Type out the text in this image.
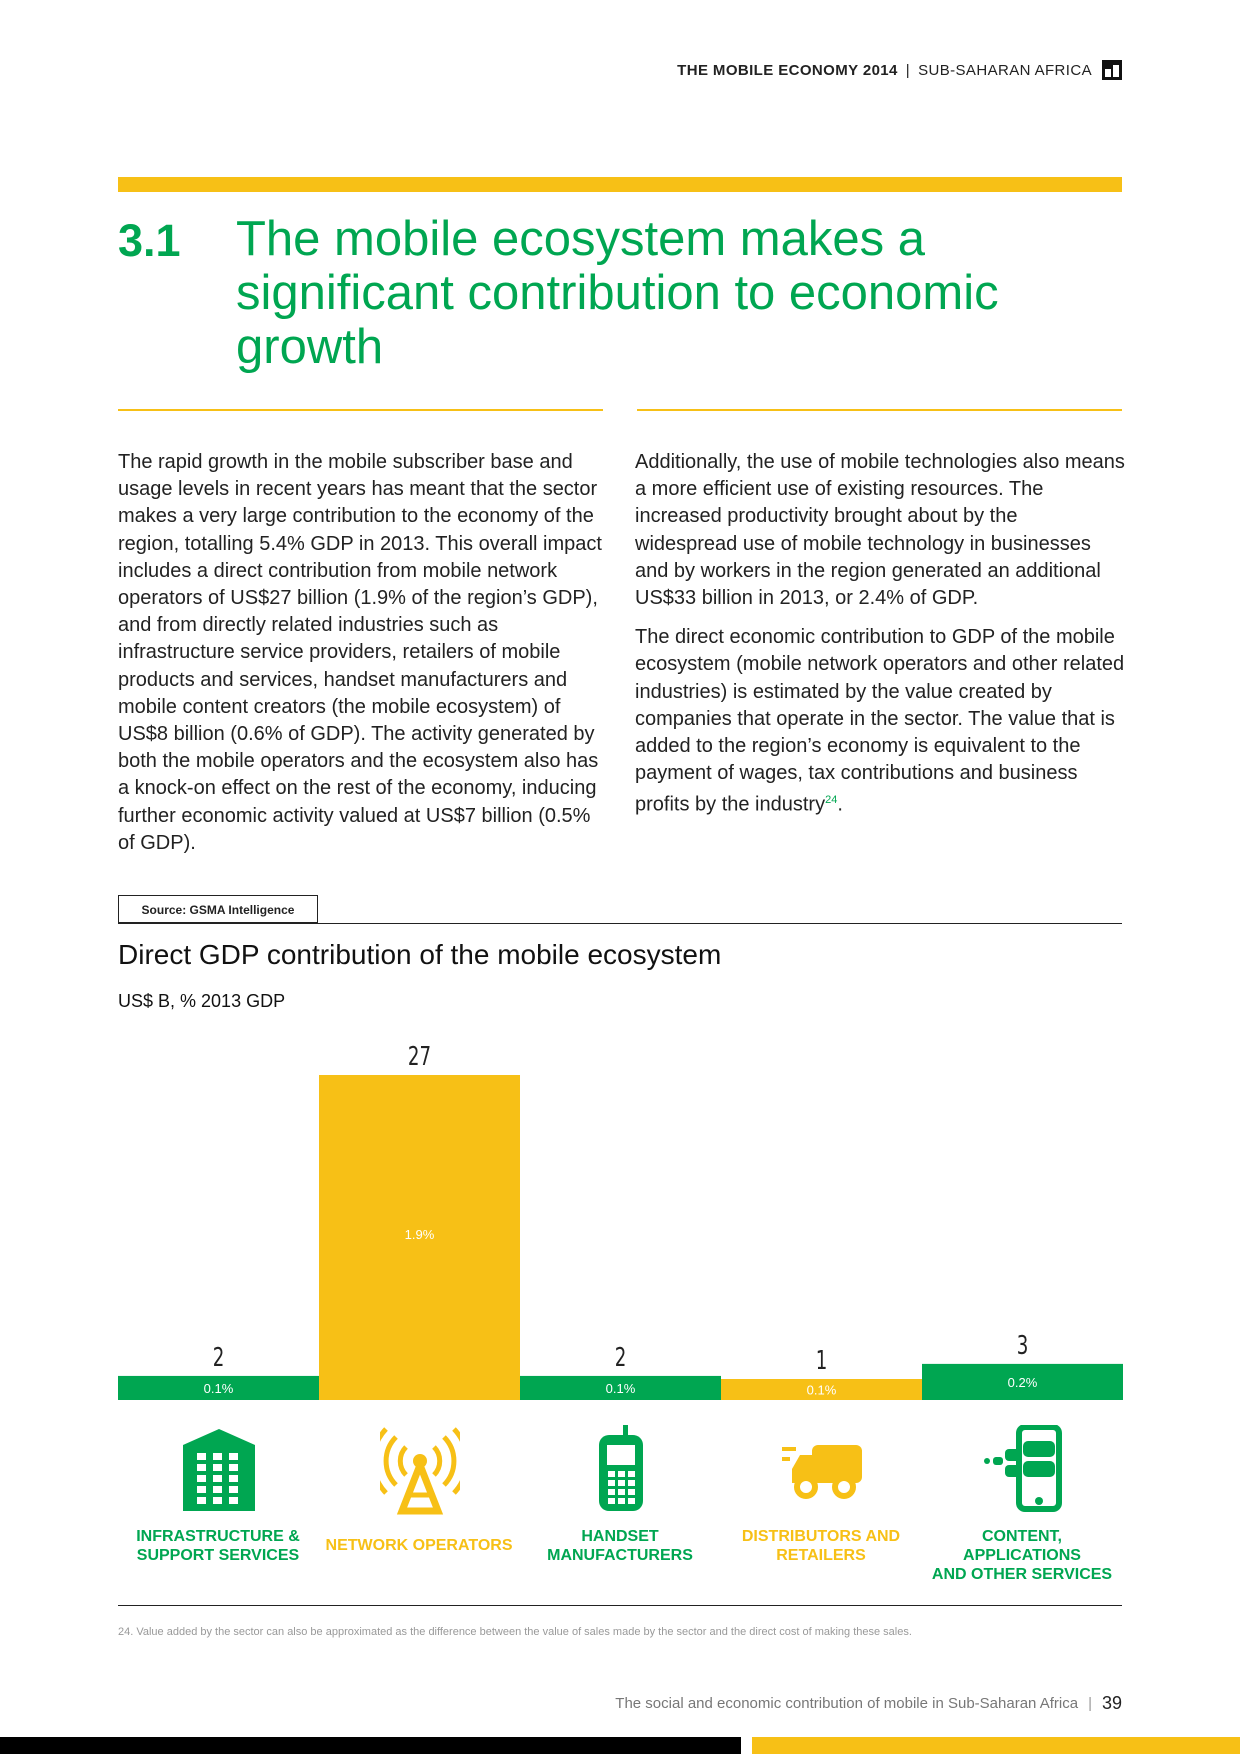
THE MOBILE ECONOMY 2014 | SUB-SAHARAN AFRICA
3.1 The mobile ecosystem makes a significant contribution to economic growth

The rapid growth in the mobile subscriber base and usage levels in recent years has meant that the sector makes a very large contribution to the economy of the region, totalling 5.4% GDP in 2013. This overall impact includes a direct contribution from mobile network operators of US$27 billion (1.9% of the region’s GDP), and from directly related industries such as infrastructure service providers, retailers of mobile products and services, handset manufacturers and mobile content creators (the mobile ecosystem) of US$8 billion (0.6% of GDP). The activity generated by both the mobile operators and the ecosystem also has a knock-on effect on the rest of the economy, inducing further economic activity valued at US$7 billion (0.5% of GDP).

Additionally, the use of mobile technologies also means a more efficient use of existing resources. The increased productivity brought about by the widespread use of mobile technology in businesses and by workers in the region generated an additional US$33 billion in 2013, or 2.4% of GDP.

The direct economic contribution to GDP of the mobile ecosystem (mobile network operators and other related industries) is estimated by the value created by companies that operate in the sector. The value that is added to the region’s economy is equivalent to the payment of wages, tax contributions and business profits by the industry$^{24}$.

Source: GSMA Intelligence
Direct GDP contribution of the mobile ecosystem
US$ B, % 2013 GDP
2
0.1%
27
1.9%
2
0.1%
1
0.1%
3
0.2%
INFRASTRUCTURE &
SUPPORT SERVICES
NETWORK OPERATORS
HANDSET
MANUFACTURERS
DISTRIBUTORS AND
RETAILERS
CONTENT, APPLICATIONS
AND OTHER SERVICES
24. Value added by the sector can also be approximated as the difference between the value of sales made by the sector and the direct cost of making these sales.
The social and economic contribution of mobile in Sub-Saharan Africa | 39
